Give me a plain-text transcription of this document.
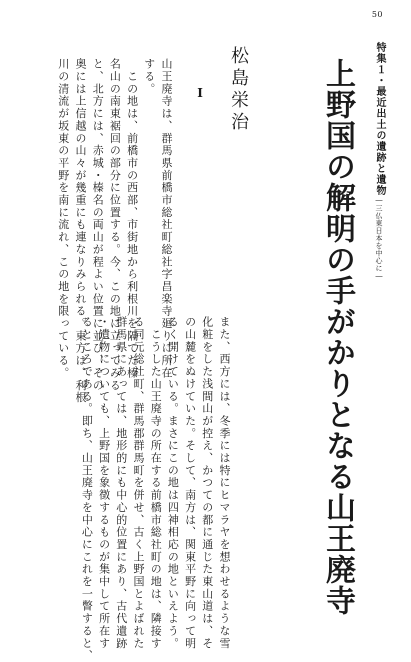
50
特集１・最近出土の遺跡と遺物―三仏東日本を中心に―
上野国の解明の手がかりとなる山王廃寺
松島栄治
Ⅰ

山王廃寺は、群馬県前橋市総社町総社字昌楽寺廻りに所在

する。

　この地は、前橋市の西部、市街地から利根川を隔てた榛

名山の南東裾回の部分に位置する。今、この地に立ってみる

と、北方には、赤城・榛名の両山が程よい位置に並び、その

奥には上信越の山々が幾重にも連なりみられる。東方は、利根

川の清流が坂東の平野を南に流れ、この地を限っている。

また、西方には、冬季には特にヒマラヤを想わせるような雪

化粧をした浅間山が控え、かつての都に通じた東山道は、そ

の山麓をぬけていた。そして、南方は、関東平野に向って明

るく開けている。まさにこの地は四神相応の地といえよう。

　こうした山王廃寺の所在する前橋市総社町の地は、隣接す

る同元総社町、群馬郡群馬町を併せ、古く上野国とよばれた

群馬県にあっては、地形的にも中心的位置にあり、古代遺跡

・遺物についても、上野国を象徴するものが集中して所在す

るところである。即ち、山王廃寺を中心にこれを一瞥すると、
